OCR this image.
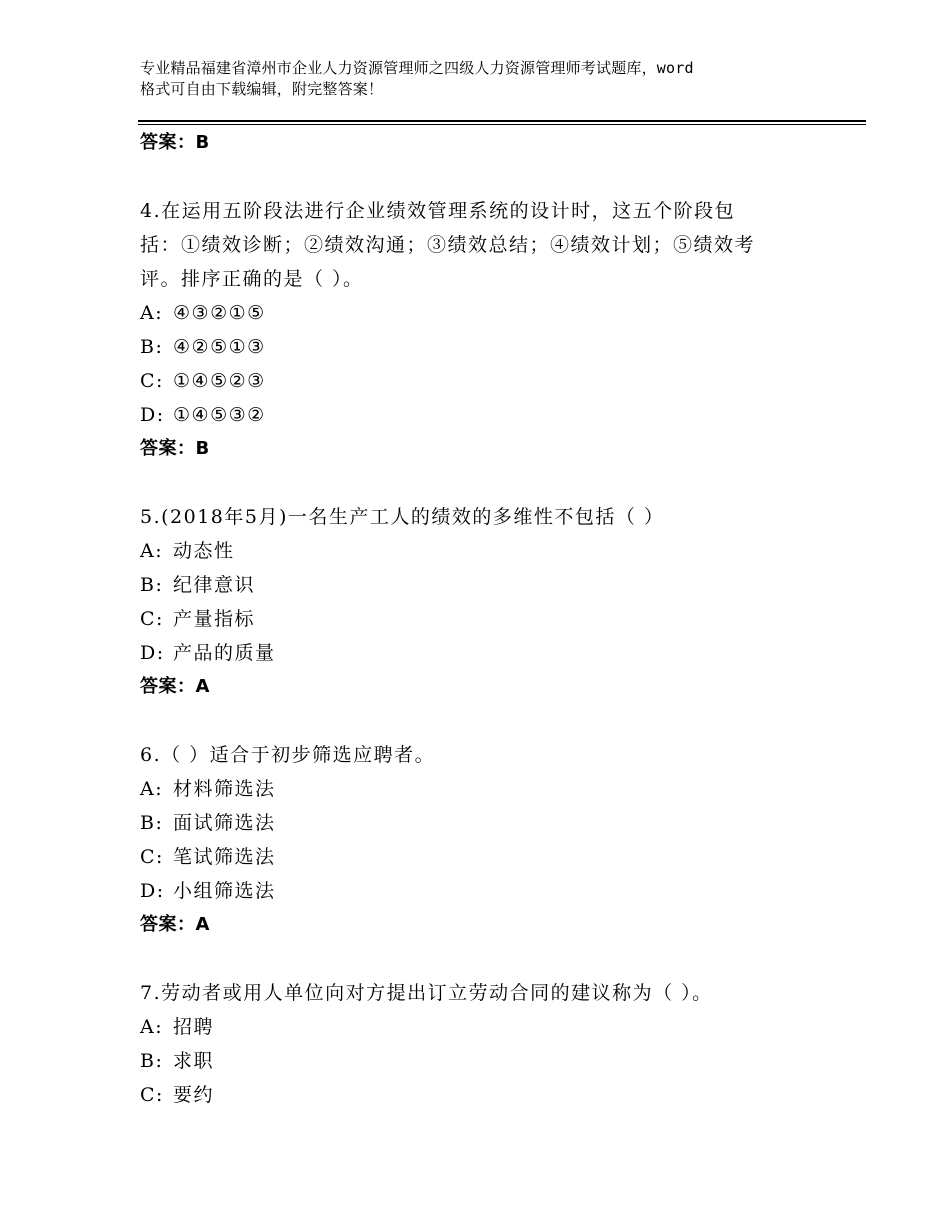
专业精品福建省漳州市企业人力资源管理师之四级人力资源管理师考试题库，word
格式可自由下载编辑，附完整答案！
答案：B
4.在运用五阶段法进行企业绩效管理系统的设计时，这五个阶段包
括：①绩效诊断；②绩效沟通；③绩效总结；④绩效计划；⑤绩效考
评。排序正确的是（ ）。
A: ④③②①⑤
B: ④②⑤①③
C: ①④⑤②③
D: ①④⑤③②
答案：B
5.(2018年5月)一名生产工人的绩效的多维性不包括（ ）
A: 动态性
B: 纪律意识
C: 产量指标
D: 产品的质量
答案：A
6.（ ）适合于初步筛选应聘者。
A: 材料筛选法
B: 面试筛选法
C: 笔试筛选法
D: 小组筛选法
答案：A
7.劳动者或用人单位向对方提出订立劳动合同的建议称为（ ）。
A: 招聘
B: 求职
C: 要约
